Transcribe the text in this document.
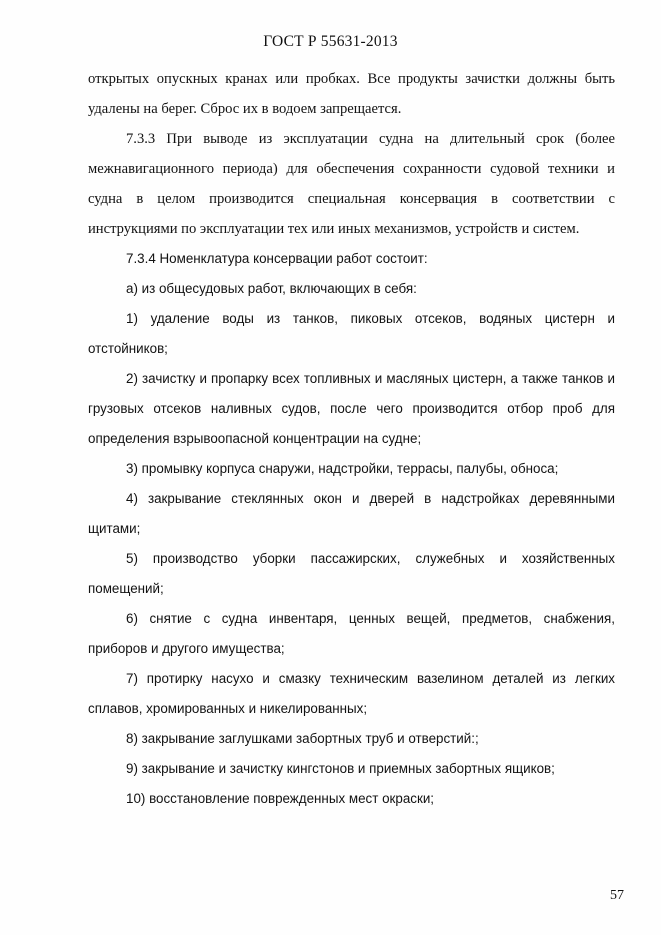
ГОСТ Р 55631-2013

открытых опускных кранах или пробках. Все продукты зачистки должны быть удалены на берег. Сброс их в водоем запрещается.

7.3.3 При выводе из эксплуатации судна на длительный срок (более межнавигационного периода) для обеспечения сохранности судовой техники и судна в целом производится специальная консервация в соответствии с инструкциями по эксплуатации тех или иных механизмов, устройств и систем.

7.3.4 Номенклатура консервации работ состоит:

а) из общесудовых работ, включающих в себя:

1) удаление воды из танков, пиковых отсеков, водяных цистерн и отстойников;

2) зачистку и пропарку всех топливных и масляных цистерн, а также танков и грузовых отсеков наливных судов, после чего производится отбор проб для определения взрывоопасной концентрации на судне;

3) промывку корпуса снаружи, надстройки, террасы, палубы, обноса;

4) закрывание стеклянных окон и дверей в надстройках деревянными щитами;

5) производство уборки пассажирских, служебных и хозяйственных помещений;

6) снятие с судна инвентаря, ценных вещей, предметов, снабжения, приборов и другого имущества;

7) протирку насухо и смазку техническим вазелином деталей из легких сплавов, хромированных и никелированных;

8) закрывание заглушками забортных труб и отверстий:;

9) закрывание и зачистку кингстонов и приемных забортных ящиков;

10) восстановление поврежденных мест окраски;

57
